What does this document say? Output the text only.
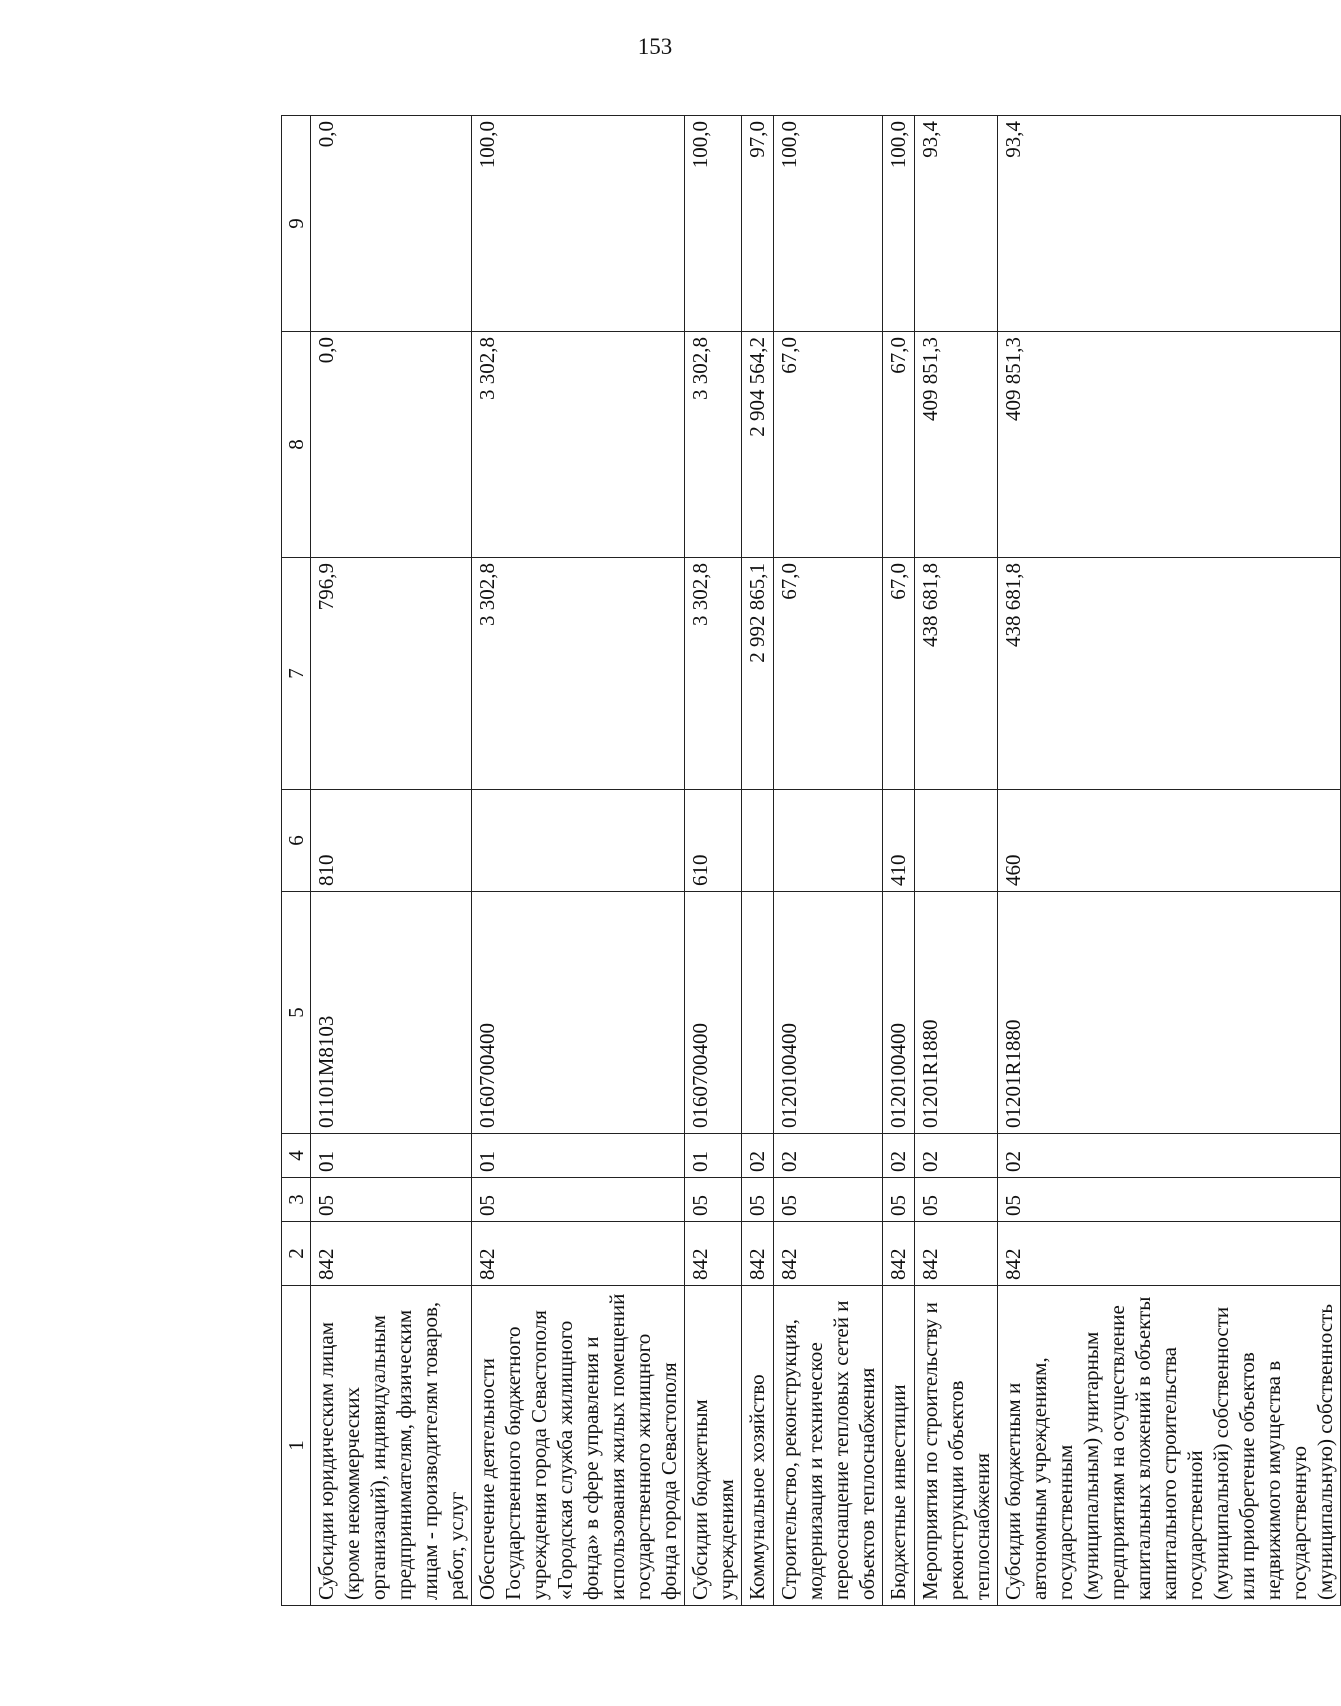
153
1	2	3	4	5	6	7	8	9
Субсидии юридическим лицам (кроме некоммерческих организаций), индивидуальным предпринимателям, физическим лицам - производителям товаров, работ, услуг	842	05	01	01101M8103	810	796,9	0,0	0,0
Обеспечение деятельности Государственного бюджетного учреждения города Севастополя «Городская служба жилищного фонда» в сфере управления и использования жилых помещений государственного жилищного фонда города Севастополя	842	05	01	0160700400		3 302,8	3 302,8	100,0
Субсидии бюджетным учреждениям	842	05	01	0160700400	610	3 302,8	3 302,8	100,0
Коммунальное хозяйство	842	05	02			2 992 865,1	2 904 564,2	97,0
Строительство, реконструкция, модернизация и техническое переоснащение тепловых сетей и объектов теплоснабжения	842	05	02	0120100400		67,0	67,0	100,0
Бюджетные инвестиции	842	05	02	0120100400	410	67,0	67,0	100,0
Мероприятия по строительству и реконструкции объектов теплоснабжения	842	05	02	01201R1880		438 681,8	409 851,3	93,4
Субсидии бюджетным и автономным учреждениям, государственным (муниципальным) унитарным предприятиям на осуществление капитальных вложений в объекты капитального строительства государственной (муниципальной) собственности или приобретение объектов недвижимого имущества в государственную (муниципальную) собственность	842	05	02	01201R1880	460	438 681,8	409 851,3	93,4
